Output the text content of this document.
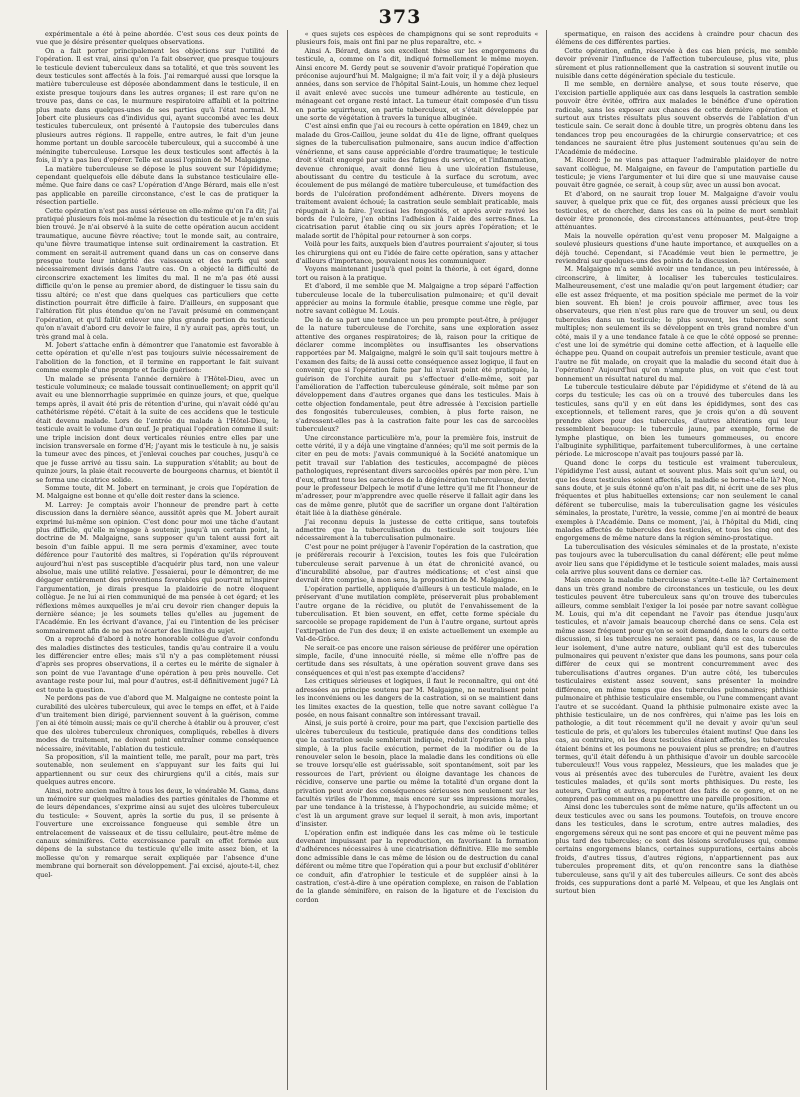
373

expérimentale a été à peine abordée. C'est sous ces deux points de vue que je désire présenter quelques observations.

On a fait porter principalement les objections sur l'utilité de l'opération. Il est vrai, ainsi qu'on l'a fait observer, que presque toujours le testicule devient tuberculeux dans sa totalité, et que très souvent les deux testicules sont affectés à la fois. J'ai remarqué aussi que lorsque la matière tuberculeuse est déposée abondamment dans le testicule, il en existe presque toujours dans les autres organes; il est rare qu'on ne trouve pas, dans ce cas, le murmure respiratoire affaibli et la poitrine plus mate dans quelques-unes de ses parties qu'à l'état normal. M. Jobert cite plusieurs cas d'individus qui, ayant succombé avec les deux testicules tuberculeux, ont présenté à l'autopsie des tubercules dans plusieurs autres régions. Il rappelle, entre autres, le fait d'un jeune homme portant un double sarcocèle tuberculeux, qui a succombé à une méningite tuberculeuse. Lorsque les deux testicules sont affectés à la fois, il n'y a pas lieu d'opérer. Telle est aussi l'opinion de M. Malgaigne.

La matière tuberculeuse se dépose le plus souvent sur l'épididyme; cependant quelquefois elle débute dans la substance testiculaire elle-même. Que faire dans ce cas? L'opération d'Ange Bérard, mais elle n'est pas applicable en pareille circonstance, c'est le cas de pratiquer la résection partielle.

Cette opération n'est pas aussi sérieuse en elle-même qu'on l'a dit; j'ai pratiqué plusieurs fois moi-même la résection du testicule et je m'en suis bien trouvé. Je n'ai observé à la suite de cette opération aucun accident traumatique, aucune fièvre réactive; tout le monde sait, au contraire, qu'une fièvre traumatique intense suit ordinairement la castration. Et comment en serait-il autrement quand dans un cas on conserve dans presque toute leur intégrité des vaisseaux et des nerfs qui sont nécessairement divisés dans l'autre cas. On a objecté la difficulté de circonscrire exactement les limites du mal. Il ne m'a pas été aussi difficile qu'on le pense au premier abord, de distinguer le tissu sain du tissu altéré; ce n'est que dans quelques cas particuliers que cette distinction pourrait être difficile à faire. D'ailleurs, en supposant que l'altération fût plus étendue qu'on ne l'avait présumé en commençant l'opération, et qu'il fallût enlever une plus grande portion du testicule qu'on n'avait d'abord cru devoir le faire, il n'y aurait pas, après tout, un très grand mal à cela.

M. Jobert s'attache enfin à démontrer que l'anatomie est favorable à cette opération et qu'elle n'est pas toujours suivie nécessairement de l'abolition de la fonction, et il termine en rapportant le fait suivant comme exemple d'une prompte et facile guérison:

Un malade se présenta l'année dernière à l'Hôtel-Dieu, avec un testicule volumineux; ce malade toussait continuellement; on apprit qu'il avait eu une blennorrhagie supprimée en quinze jours, et que, quelque temps après, il avait été pris de rétention d'urine, qui n'avait cédé qu'au cathétérisme répété. C'était à la suite de ces accidens que le testicule était devenu malade. Lors de l'entrée du malade à l'Hôtel-Dieu, le testicule avait le volume d'un œuf. Je pratiquai l'opération comme il suit: une triple incision dont deux verticales réunies entre elles par une incision transversale en forme d'H; j'ayant mis le testicule à nu, je saisis la tumeur avec des pinces, et j'enlevai couches par couches, jusqu'à ce que je fusse arrivé au tissu sain. La suppuration s'établit; au bout de quinze jours, la plaie était recouverte de bourgeons charnus, et bientôt il se forma une cicatrice solide.

Somme toute, dit M. Jobert en terminant, je crois que l'opération de M. Malgaigne est bonne et qu'elle doit rester dans la science.

M. Larrey: Je comptais avoir l'honneur de prendre part à cette discussion dans la dernière séance, aussitôt après que M. Jobert aurait exprimé lui-même son opinion. C'est donc pour moi une tâche d'autant plus difficile, qu'elle m'engage à soutenir, jusqu'à un certain point, la doctrine de M. Malgaigne, sans supposer qu'un talent aussi fort ait besoin d'un faible appui. Il me sera permis d'examiner, avec toute déférence pour l'autorité des maîtres, si l'opération qu'ils réprouvent aujourd'hui n'est pas susceptible d'acquérir plus tard, non une valeur absolue, mais une utilité relative. J'essaierai, pour le démontrer, de me dégager entièrement des préventions favorables qui pourrait m'inspirer l'argumentation, je dirais presque la plaidoirie de notre éloquent collègue. Je ne lui ai rien communiqué de ma pensée à cet égard; et les réflexions mêmes auxquelles je m'ai cru devoir rien changer depuis la dernière séance; je les soumets telles qu'elles au jugement de l'Académie. En les écrivant d'avance, j'ai eu l'intention de les préciser sommairement afin de ne pas m'écarter des limites du sujet.

On a reproché d'abord à notre honorable collègue d'avoir confondu des maladies distinctes des testicules, tandis qu'au contraire il a voulu les différencier entre elles; mais s'il n'y a pas complètement réussi d'après ses propres observations, il a certes eu le mérite de signaler à son point de vue l'avantage d'une opération à peu près nouvelle. Cet avantage reste pour lui, mal pour d'autres, est-il définitivement jugé? Là est toute la question.

Ne perdons pas de vue d'abord que M. Malgaigne ne conteste point la curabilité des ulcères tuberculeux, qui avec le temps en effet, et à l'aide d'un traitement bien dirigé, parviennent souvent à la guérison, comme j'en ai été témoin aussi; mais ce qu'il cherche à établir ou à prouver, c'est que des ulcères tuberculeux chroniques, compliqués, rebelles à divers modes de traitement, ne doivent point entraîner comme conséquence nécessaire, inévitable, l'ablation du testicule.

Sa proposition, s'il la maintient telle, me paraît, pour ma part, très soutenable, non seulement en s'appuyant sur les faits qui lui appartiennent ou sur ceux des chirurgiens qu'il a cités, mais sur quelques autres encore.

Ainsi, notre ancien maître à tous les deux, le vénérable M. Gama, dans un mémoire sur quelques maladies des parties génitales de l'homme et de leurs dépendances, s'exprime ainsi au sujet des ulcères tuberculeux du testicule: « Souvent, après la sortie du pus, il se présente à l'ouverture une excroissance fongueuse qui semble être un entrelacement de vaisseaux et de tissu cellulaire, peut-être même de canaux séminifères. Cette excroissance paraît en effet formée aux dépens de la substance du testicule qu'elle imite assez bien, et la mollesse qu'on y remarque serait expliquée par l'absence d'une membrane qui bornerait son développement. J'ai excisé, ajoute-t-il, chez quel-

« ques sujets ces espèces de champignons qui se sont reproduits « plusieurs fois, mais ont fini par ne plus reparaître, etc. »

Ainsi A. Bérard, dans son excellent thèse sur les engorgemens du testicule, a, comme on l'a dit, indiqué formellement le même moyen. Ainsi encore M. Gerdy peut se souvenir d'avoir pratiqué l'opération que préconise aujourd'hui M. Malgaigne; il m'a fait voir, il y a déjà plusieurs années, dans son service de l'hôpital Saint-Louis, un homme chez lequel il avait enlevé avec succès une tumeur adhérente au testicule, en ménageant cet organe resté intact. La tumeur était composée d'un tissu en partie squirrheux, en partie tuberculeux, et s'était développée par une sorte de végétation à travers la tunique albuginée.

C'est ainsi enfin que j'ai eu recours à cette opération en 1849, chez un malade du Gros-Caillou, jeune soldat du 41e de ligne, offrant quelques signes de la tuberculisation pulmonaire, sans aucun indice d'affection vénérienne, et sans cause appréciable d'ordre traumatique; le testicule droit s'était engorgé par suite des fatigues du service, et l'inflammation, devenue chronique, avait donné lieu à une ulcération fistuleuse, aboutissant du centre du testicule à la surface du scrotum, avec écoulement de pus mélangé de matière tuberculeuse, et tuméfaction des bords de l'ulcération profondément adhérente. Divers moyens de traitement avaient échoué; la castration seule semblait praticable, mais répugnait à la faire. J'excisai les fongosités, et après avoir ravivé les bords de l'ulcère, j'en obtins l'adhésion à l'aide des serres-fines. La cicatrisation parut établie cinq ou six jours après l'opération; et le malade sortit de l'hôpital pour retourner à son corps.

Voilà pour les faits, auxquels bien d'autres pourraient s'ajouter, si tous les chirurgiens qui ont eu l'idée de faire cette opération, sans y attacher d'ailleurs d'importance, pouvaient nous les communiquer.

Voyons maintenant jusqu'à quel point la théorie, à cet égard, donne tort ou raison à la pratique.

Et d'abord, il me semble que M. Malgaigne a trop séparé l'affection tuberculeuse locale de la tuberculisation pulmonaire; et qu'il devait apprécier au moins la formule établie, presque comme une règle, par notre savant collègue M. Louis.

De là de sa part une tendance un peu prompte peut-être, à préjuger de la nature tuberculeuse de l'orchite, sans une exploration assez attentive des organes respiratoires; de là, raison pour la critique de déclarer comme incomplètes ou insuffisantes les observations rapportées par M. Malgaigne, malgré le soin qu'il sait toujours mettre à l'examen des faits; de là aussi cette conséquence assez logique, il faut en convenir, que si l'opération faite par lui n'avait point été pratiquée, la guérison de l'orchite aurait pu s'effectuer d'elle-même, soit par l'amélioration de l'affection tuberculeuse générale, soit même par son développement dans d'autres organes que dans les testicules. Mais à cette objection fondamentale, peut être adressée à l'excision partielle des fongosités tuberculeuses, combien, à plus forte raison, ne s'adressent-elles pas à la castration faite pour les cas de sarcocèles tuberculeux?

Une circonstance particulière m'a, pour la première fois, instruit de cette vérité, il y a déjà une vingtaine d'années; qu'il me soit permis de la citer en peu de mots: j'avais communiqué à la Société anatomique un petit travail sur l'ablation des testicules, accompagné de pièces pathologiques, représentant divers sarcocèles opérés par mon père. L'un d'eux, offrant tous les caractères de la dégénération tuberculeuse, devint pour le professeur Delpech le motif d'une lettre qu'il me fit l'honneur de m'adresser, pour m'apprendre avec quelle réserve il fallait agir dans les cas de même genre, plutôt que de sacrifier un organe dont l'altération était liée à la diathèse générale.

J'ai reconnu depuis la justesse de cette critique, sans toutefois admettre que la tuberculisation du testicule soit toujours liée nécessairement à la tuberculisation pulmonaire.

C'est pour ne point préjuger à l'avenir l'opération de la castration, que je préférerais recourir à l'excision, toutes les fois que l'ulcération tuberculeuse serait parvenue à un état de chronicité avancé, ou d'incurabilité absolue, par d'autres médications; et c'est ainsi que devrait être comprise, à mon sens, la proposition de M. Malgaigne.

L'opération partielle, appliquée d'ailleurs à un testicule malade, en le préservant d'une mutilation complète, préserverait plus probablement l'autre organe de la récidive, ou plutôt de l'envahissement de la tuberculisation. Et bien souvent, en effet, cette forme spéciale du sarcocèle se propage rapidement de l'un à l'autre organe, surtout après l'extirpation de l'un des deux; il en existe actuellement un exemple au Val-de-Grâce.

Ne serait-ce pas encore une raison sérieuse de préférer une opération simple, facile, d'une innocuité réelle, si même elle n'offre pas de certitude dans ses résultats, à une opération souvent grave dans ses conséquences et qui n'est pas exempte d'accidens?

Les critiques sérieuses et logiques, il faut le reconnaître, qui ont été adressées au principe soutenu par M. Malgaigne, ne neutralisent point les inconvéniens ou les dangers de la castration, si on se maintient dans les limites exactes de la question, telle que notre savant collègue l'a posée, en nous faisant connaître son intéressant travail.

Ainsi, je suis porté à croire, pour ma part, que l'excision partielle des ulcères tuberculeux du testicule, pratiquée dans des conditions telles que la castration seule semblerait indiquée, réduit l'opération à la plus simple, à la plus facile exécution, permet de la modifier ou de la renouveler selon le besoin, place la maladie dans les conditions où elle se trouve lorsqu'elle est guérissable, soit spontanément, soit par les ressources de l'art, prévient ou éloigne davantage les chances de récidive, conserve une partie ou même la totalité d'un organe dont la privation peut avoir des conséquences sérieuses non seulement sur les facultés viriles de l'homme, mais encore sur ses impressions morales, par une tendance à la tristesse, à l'hypochondrie, au suicide même; et c'est là un argument grave sur lequel il serait, à mon avis, important d'insister.

L'opération enfin est indiquée dans les cas même où le testicule devenant impuissant par la reproduction, en favorisant la formation d'adhérences nécessaires à une cicatrisation définitive. Elle me semble donc admissible dans le cas même de lésion ou de destruction du canal déférent ou même titre que l'opération qui a pour but exclusif d'oblitérer ce conduit, afin d'atrophier le testicule et de suppléer ainsi à la castration, c'est-à-dire à une opération complexe, en raison de l'ablation de la glande séminifère, en raison de la ligature et de l'excision du cordon

spermatique, en raison des accidens à craindre pour chacun des élémens de ces différentes parties.

Cette opération, enfin, réservée à des cas bien précis, me semble devoir prévenir l'influence de l'affection tuberculeuse, plus vite, plus sûrement et plus rationnellement que la castration si souvent inutile ou nuisible dans cette dégénération spéciale du testicule.

Il me semble, en dernière analyse, et sous toute réserve, que l'excision partielle appliquée aux cas dans lesquels la castration semble pouvoir être évitée, offrira aux malades le bénéfice d'une opération radicale, sans les exposer aux chances de cette dernière opération et surtout aux tristes résultats plus souvent observés de l'ablation d'un testicule sain. Ce serait donc à double titre, un progrès obtenu dans les tendances trop peu encouragées de la chirurgie conservatrice; et ces tendances ne sauraient être plus justement soutenues qu'au sein de l'Académie de médecine.

M. Ricord: Je ne viens pas attaquer l'admirable plaidoyer de notre savant collègue, M. Malgaigne, en faveur de l'amputation partielle du testicule; je viens l'argumenter et lui dire que si une mauvaise cause pouvait être gagnée, ce serait, à coup sûr, avec un aussi bon avocat.

Et d'abord, on ne saurait trop louer M. Malgaigne d'avoir voulu sauver, à quelque prix que ce fût, des organes aussi précieux que les testicules, et de chercher, dans les cas où la peine de mort semblait devoir être prononcée, des circonstances atténuantes, peut-être trop atténuantes.

Mais la nouvelle opération qu'est venu proposer M. Malgaigne a soulevé plusieurs questions d'une haute importance, et auxquelles on a déjà touché. Cependant, si l'Académie veut bien le permettre, je reviendrai sur quelques-uns des points de la discussion.

M. Malgaigne m'a semblé avoir une tendance, un peu intéressée, à circonscrire, à limiter, à localiser les tubercules testiculaires. Malheureusement, c'est une maladie qu'on peut largement étudier; car elle est assez fréquente, et ma position spéciale me permet de la voir bien souvent. Eh bien! je crois pouvoir affirmer, avec tous les observateurs, que rien n'est plus rare que de trouver un seul, ou deux tubercules dans un testicule; le plus souvent, les tubercules sont multiples; non seulement ils se développent en très grand nombre d'un côté, mais il y a une tendance fatale à ce que le côté opposé se prenne: c'est une loi de symétrie qui domine cette affection, et à laquelle elle échappe peu. Quand on coupait autrefois un premier testicule, avant que l'autre ne fût malade, on croyait que la maladie du second était due à l'opération? Aujourd'hui qu'on n'ampute plus, on voit que c'est tout bonnement un résultat naturel du mal.

Le tubercule testiculaire débute par l'épididyme et s'étend de là au corps du testicule; les cas où on a trouvé des tubercules dans les testicules, sans qu'il y en eût dans les épididymes, sont des cas exceptionnels, et tellement rares, que je crois qu'on a dû souvent prendre alors pour des tubercules, d'autres altérations qui leur ressemblent beaucoup: le tubercule jaune, par exemple, forme de lymphe plastique, on bien les tumeurs gommeuses, ou encore l'albuginite syphilitique, parfaitement tuberculiformes, à une certaine période. Le microscope n'avait pas toujours passé par là.

Quand donc le corps du testicule est vraiment tuberculeux, l'épididyme l'est aussi, autant et souvent plus. Mais soit qu'un seul, ou que les deux testicules soient affectés, la maladie se borne-t-elle là? Non, sans doute, et je suis étonné qu'on n'ait pas dit, ni écrit une de ses plus fréquentes et plus habituelles extensions; car non seulement le canal déférent se tuberculise, mais la tuberculisation gagne les vésicules séminales, la prostate, l'urètre, la vessie, comme j'en ai montré de beaux exemples à l'Académie. Dans ce moment, j'ai, à l'hôpital du Midi, cinq malades affectés de tubercules des testicules, et tous les cinq ont des engorgemens de même nature dans la région sémino-prostatique.

La tuberculisation des vésicules séminales et de la prostate, n'existe pas toujours avec la tuberculisation du canal déférent; elle peut même avoir lieu sans que l'épididyme et le testicule soient malades, mais aussi cela arrive plus souvent dans ce dernier cas.

Mais encore la maladie tuberculeuse s'arrête-t-elle là? Certainement dans un très grand nombre de circonstances un testicule, ou les deux testicules peuvent être tuberculeux sans qu'on trouve des tubercules ailleurs, comme semblait l'exiger la loi posée par notre savant collègue M. Louis, qui m'a dit cependant ne l'avoir pas étendue jusqu'aux testicules, et n'avoir jamais beaucoup cherché dans ce sens. Cela est même assez fréquent pour qu'on se soit demandé, dans le cours de cette discussion, si les tubercules ne seraient pas, dans ce cas, la cause de leur isolement, d'une autre nature, oubliant qu'il est des tubercules pulmonaires qui peuvent n'exister que dans les poumons, sans pour cela différer de ceux qui se montrent concurremment avec des tuberculisations d'autres organes. D'un autre côté, les tubercules testiculaires existent assez souvent, sans présenter la moindre différence, en même temps que des tubercules pulmonaires; phthisie pulmonaire et phthisie testiculaire ensemble, ou l'une commençant avant l'autre et se succédant. Quand la phthisie pulmonaire existe avec la phthisie testiculaire, un de nos confrères, qui n'aime pas les lois en pathologie, a dit tout récemment qu'il ne devait y avoir qu'un seul testicule de pris, et qu'alors les tubercules étaient mutins! Que dans les cas, au contraire, où les deux testicules étaient affectés, les tubercules étaient bénins et les poumons ne pouvaient plus se prendre; en d'autres termes, qu'il était défendu à un phthisique d'avoir un double sarcocèle tuberculeux!! Vous vous rappelez, Messieurs, que les malades que je vous ai présentés avec des tubercules de l'urètre, avaient les deux testicules malades, et qu'ils sont morts phthisiques. Du reste, les auteurs, Curling et autres, rapportent des faits de ce genre, et on ne comprend pas comment on a pu émettre une pareille proposition.

Ainsi donc les tubercules sont de même nature, qu'ils affectent un ou deux testicules avec ou sans les poumons. Toutefois, on trouve encore dans les testicules, dans le scrotum, entre autres maladies, des engorgemens séreux qui ne sont pas encore et qui ne peuvent même pas plus tard des tubercules; ce sont des lésions scrofuleuses qui, comme certains engorgemens blancs, certaines suppurations, certains abcès froids, d'autres tissus, d'autres régions, n'appartiennent pas aux tubercules proprement dits, et qu'on rencontre sans la diathèse tuberculeuse, sans qu'il y ait des tubercules ailleurs. Ce sont des abcès froids, ces suppurations dont a parlé M. Velpeau, et que les Anglais ont surtout bien
